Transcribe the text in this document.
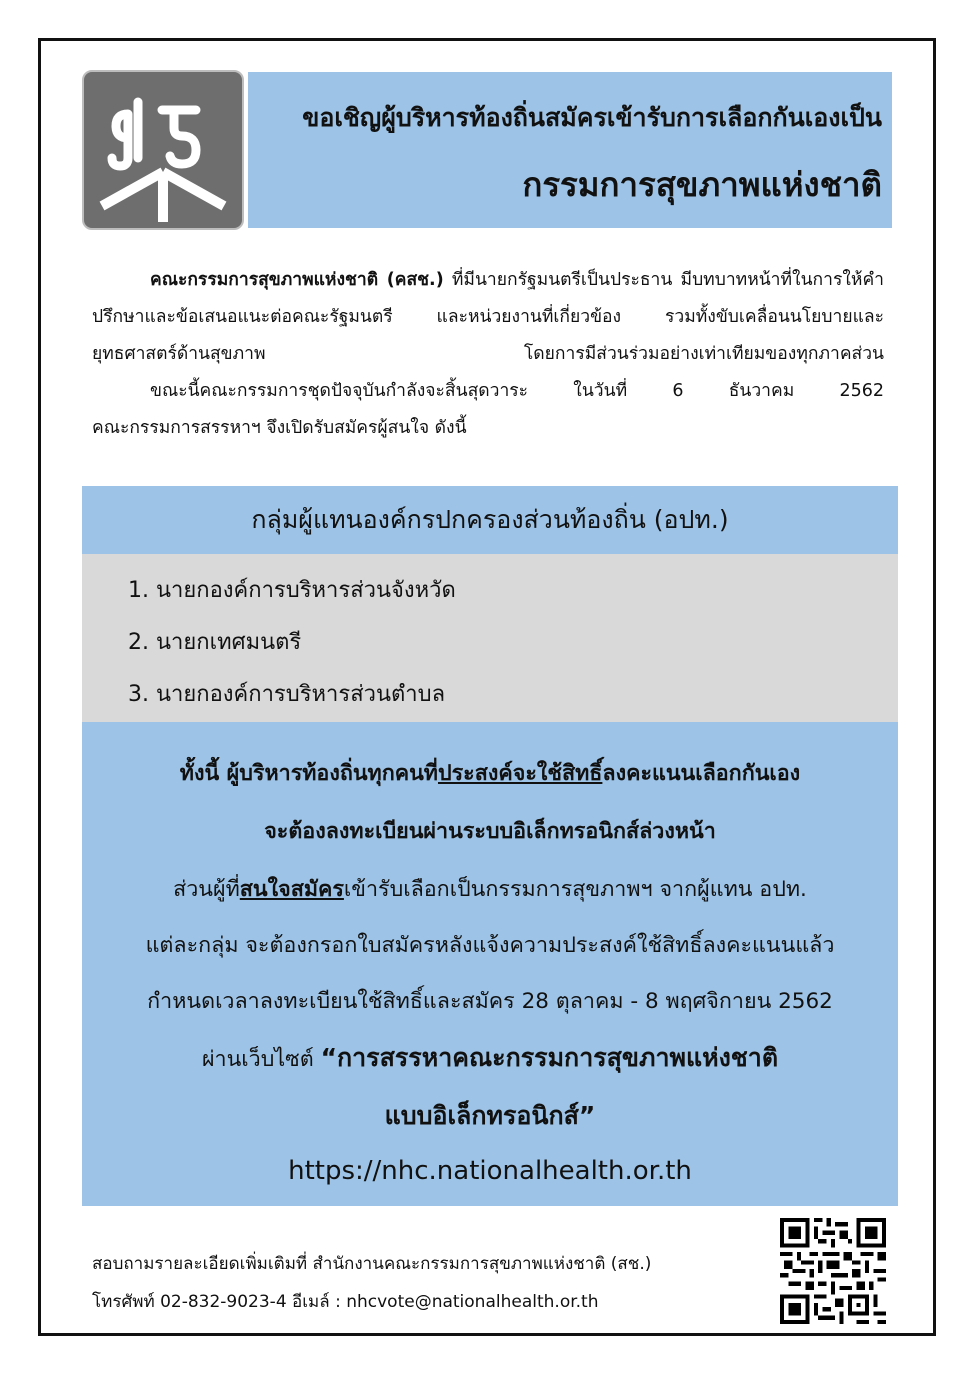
ขอเชิญผู้บริหารท้องถิ่นสมัครเข้ารับการเลือกกันเองเป็น
กรรมการสุขภาพแห่งชาติ

คณะกรรมการสุขภาพแห่งชาติ (คสช.) ที่มีนายกรัฐมนตรีเป็นประธาน มีบทบาทหน้าที่ในการให้คำปรึกษาและข้อเสนอแนะต่อคณะรัฐมนตรี และหน่วยงานที่เกี่ยวข้อง รวมทั้งขับเคลื่อนนโยบายและยุทธศาสตร์ด้านสุขภาพ โดยการมีส่วนร่วมอย่างเท่าเทียมของทุกภาคส่วน

ขณะนี้คณะกรรมการชุดปัจจุบันกำลังจะสิ้นสุดวาระ ในวันที่ 6 ธันวาคม 2562

คณะกรรมการสรรหาฯ จึงเปิดรับสมัครผู้สนใจ ดังนี้

กลุ่มผู้แทนองค์กรปกครองส่วนท้องถิ่น (อปท.)
1. นายกองค์การบริหารส่วนจังหวัด
2. นายกเทศมนตรี
3. นายกองค์การบริหารส่วนตำบล
ทั้งนี้ ผู้บริหารท้องถิ่นทุกคนที่ประสงค์จะใช้สิทธิ์ลงคะแนนเลือกกันเอง
จะต้องลงทะเบียนผ่านระบบอิเล็กทรอนิกส์ล่วงหน้า
ส่วนผู้ที่สนใจสมัครเข้ารับเลือกเป็นกรรมการสุขภาพฯ จากผู้แทน อปท.
แต่ละกลุ่ม จะต้องกรอกใบสมัครหลังแจ้งความประสงค์ใช้สิทธิ์ลงคะแนนแล้ว
กำหนดเวลาลงทะเบียนใช้สิทธิ์และสมัคร 28 ตุลาคม - 8 พฤศจิกายน 2562
ผ่านเว็บไซต์ “การสรรหาคณะกรรมการสุขภาพแห่งชาติ
แบบอิเล็กทรอนิกส์”
https://nhc.nationalhealth.or.th
สอบถามรายละเอียดเพิ่มเติมที่ สำนักงานคณะกรรมการสุขภาพแห่งชาติ (สช.)
โทรศัพท์ 02-832-9023-4 อีเมล์ : nhcvote@nationalhealth.or.th
